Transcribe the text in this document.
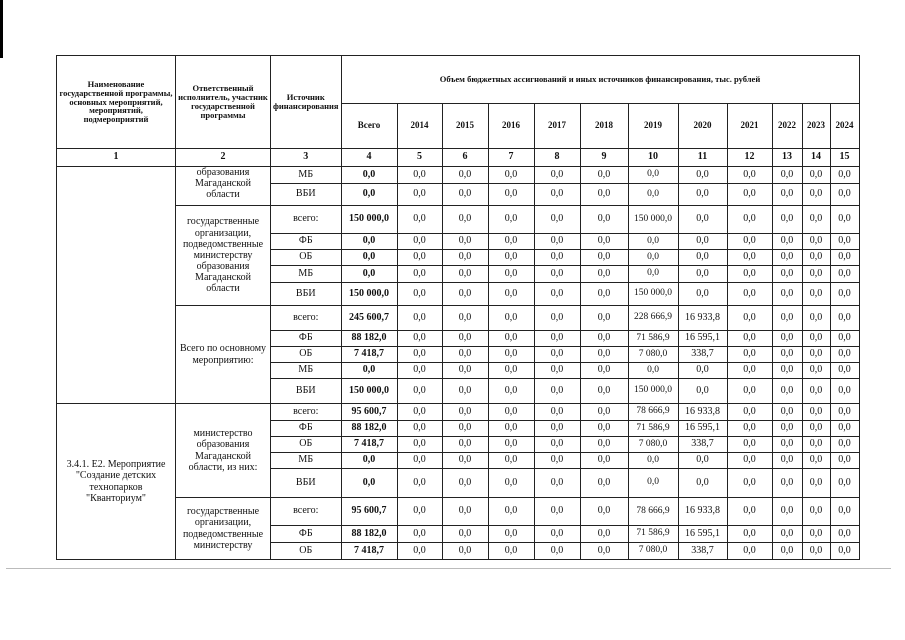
Наименование государственной программы, основных мероприятий, мероприятий, подмероприятий	Ответственный исполнитель, участник государственной программы	Источник финансирования	Объем бюджетных ассигнований и иных источников финансирования, тыс. рублей											
			Всего	2014	2015	2016	2017	2018	2019	2020	2021	2022	2023	2024
1	2	3	4	5	6	7	8	9	10	11	12	13	14	15
	образования Магаданской области	МБ	0,0	0,0	0,0	0,0	0,0	0,0	0,0	0,0	0,0	0,0	0,0	0,0
		ВБИ	0,0	0,0	0,0	0,0	0,0	0,0	0,0	0,0	0,0	0,0	0,0	0,0
	государственные организации, подведомственные министерству образования Магаданской области	всего:	150 000,0	0,0	0,0	0,0	0,0	0,0	150 000,0	0,0	0,0	0,0	0,0	0,0
		ФБ	0,0	0,0	0,0	0,0	0,0	0,0	0,0	0,0	0,0	0,0	0,0	0,0
		ОБ	0,0	0,0	0,0	0,0	0,0	0,0	0,0	0,0	0,0	0,0	0,0	0,0
		МБ	0,0	0,0	0,0	0,0	0,0	0,0	0,0	0,0	0,0	0,0	0,0	0,0
		ВБИ	150 000,0	0,0	0,0	0,0	0,0	0,0	150 000,0	0,0	0,0	0,0	0,0	0,0
	Всего по основному мероприятию:	всего:	245 600,7	0,0	0,0	0,0	0,0	0,0	228 666,9	16 933,8	0,0	0,0	0,0	0,0
		ФБ	88 182,0	0,0	0,0	0,0	0,0	0,0	71 586,9	16 595,1	0,0	0,0	0,0	0,0
		ОБ	7 418,7	0,0	0,0	0,0	0,0	0,0	7 080,0	338,7	0,0	0,0	0,0	0,0
		МБ	0,0	0,0	0,0	0,0	0,0	0,0	0,0	0,0	0,0	0,0	0,0	0,0
		ВБИ	150 000,0	0,0	0,0	0,0	0,0	0,0	150 000,0	0,0	0,0	0,0	0,0	0,0
3.4.1. Е2. Мероприятие "Создание детских технопарков "Кванториум"	министерство образования Магаданской области, из них:	всего:	95 600,7	0,0	0,0	0,0	0,0	0,0	78 666,9	16 933,8	0,0	0,0	0,0	0,0
		ФБ	88 182,0	0,0	0,0	0,0	0,0	0,0	71 586,9	16 595,1	0,0	0,0	0,0	0,0
		ОБ	7 418,7	0,0	0,0	0,0	0,0	0,0	7 080,0	338,7	0,0	0,0	0,0	0,0
		МБ	0,0	0,0	0,0	0,0	0,0	0,0	0,0	0,0	0,0	0,0	0,0	0,0
		ВБИ	0,0	0,0	0,0	0,0	0,0	0,0	0,0	0,0	0,0	0,0	0,0	0,0
	государственные организации, подведомственные министерству	всего:	95 600,7	0,0	0,0	0,0	0,0	0,0	78 666,9	16 933,8	0,0	0,0	0,0	0,0
		ФБ	88 182,0	0,0	0,0	0,0	0,0	0,0	71 586,9	16 595,1	0,0	0,0	0,0	0,0
		ОБ	7 418,7	0,0	0,0	0,0	0,0	0,0	7 080,0	338,7	0,0	0,0	0,0	0,0
